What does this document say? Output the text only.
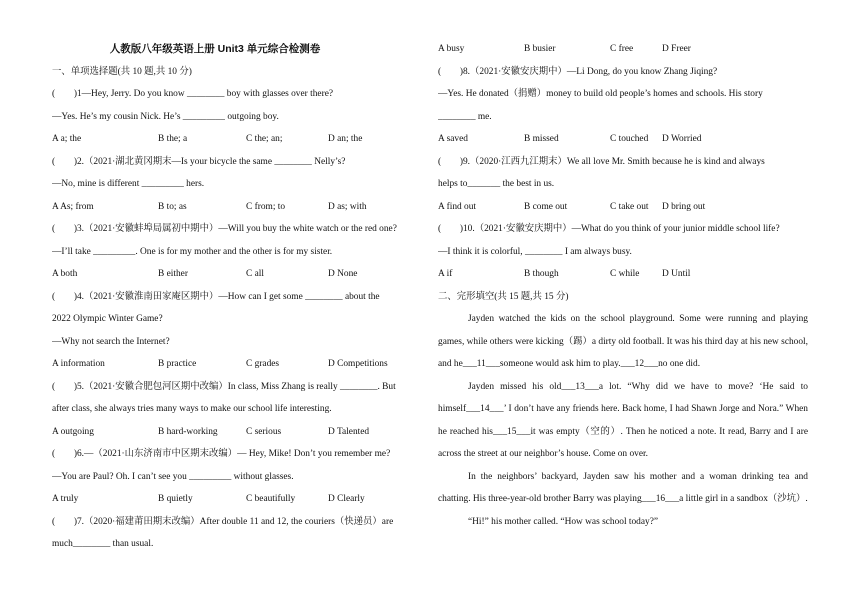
人教版八年级英语上册 Unit3 单元综合检测卷
一、单项选择题(共 10 题,共 10 分)
(　　)1—Hey, Jerry. Do you know ________ boy with glasses over there?
—Yes. He’s my cousin Nick. He’s _________ outgoing boy.
A a; the	B the; a	C the; an;	D an; the
(　　)2.（2021·湖北黄冈期末—Is your bicycle the same ________ Nelly’s?
—No, mine is different _________ hers.
A As; from	B to; as	C from; to	D as; with
(　　)3.（2021·安徽蚌埠局属初中期中）—Will you buy the white watch or the red one?
—I’ll take _________. One is for my mother and the other is for my sister.
A both	B either	C all	D None
(　　)4.（2021·安徽淮南田家庵区期中）—How can I get some ________ about the
2022 Olympic Winter Game?
—Why not search the Internet?
A information	B practice	C grades	D Competitions
(　　)5.（2021·安徽合肥包河区期中改编）In class, Miss Zhang is really ________. But
after class, she always tries many ways to make our school life interesting.
A outgoing	B hard-working	C serious	D Talented
(　　)6.—（2021·山东济南市中区期末改编）— Hey, Mike! Don’t you remember me?
—You are Paul? Oh. I can’t see you _________ without glasses.
A truly	B quietly	C beautifully	D Clearly
(　　)7.（2020·福建莆田期末改编）After double 11 and 12, the couriers（快递员）are
much________ than usual.
A busy	B busier	C free	D Freer
(　　)8.（2021·安徽安庆期中）—Li Dong, do you know Zhang Jiqing?
—Yes. He donated（捐赠）money to build old people’s homes and schools. His story
________ me.
A saved	B missed	C touched	D Worried
(　　)9.（2020·江西九江期末）We all love Mr. Smith because he is kind and always
helps to_______ the best in us.
A find out	B come out	C take out	D bring out
(　　)10.（2021·安徽安庆期中）—What do you think of your junior middle school life?
—I think it is colorful, ________ I am always busy.
A if	B though	C while	D Until
二、完形填空(共 15 题,共 15 分)
Jayden watched the kids on the school playground. Some were running and playing games, while others were kicking（踢）a dirty old football. It was his third day at his new school, and he___11___someone would ask him to play.___12___no one did.
Jayden missed his old___13___a lot. “Why did we have to move? ‘He said to himself___14___’ I don’t have any friends here. Back home, I had Shawn Jorge and Nora.” When he reached his___15___it was empty（空的）. Then he noticed a note. It read, Barry and I are across the street at our neighbor’s house. Come on over.
In the neighbors’ backyard, Jayden saw his mother and a woman drinking tea and chatting. His three-year-old brother Barry was playing___16___a little girl in a sandbox（沙坑）.
“Hi!” his mother called. “How was school today?”
